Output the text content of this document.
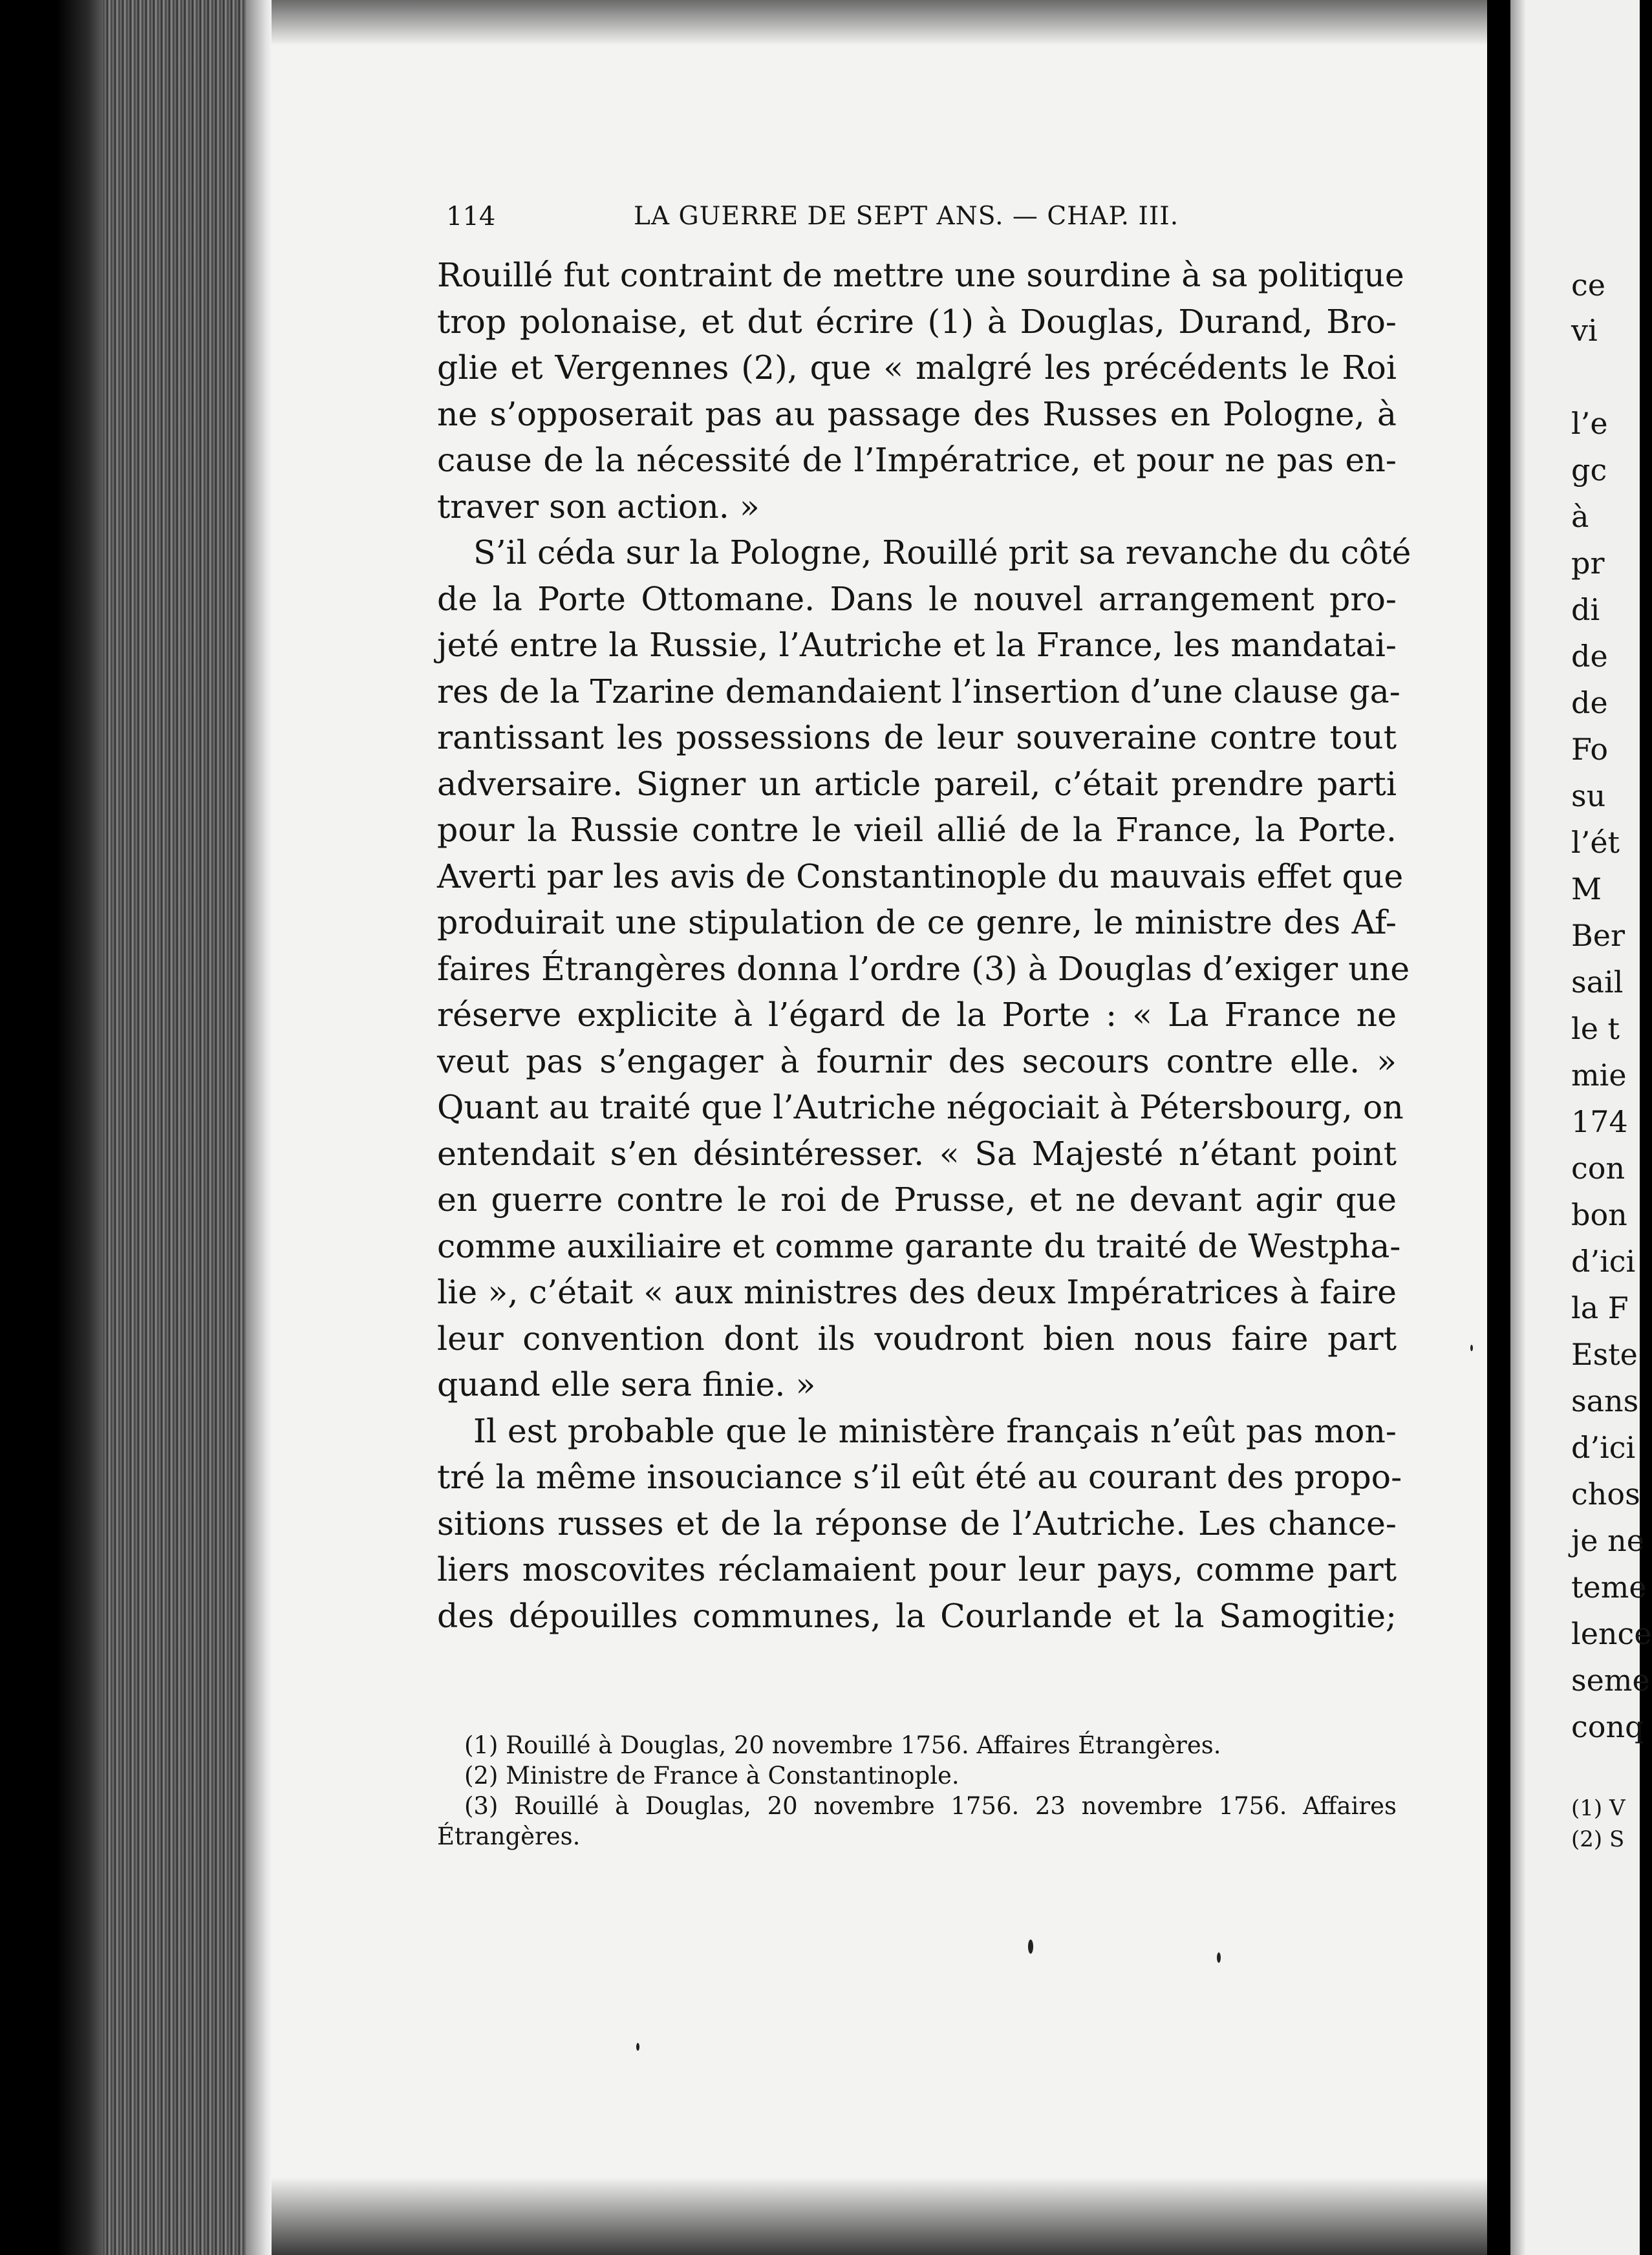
114	LA GUERRE DE SEPT ANS. — CHAP. III.
Rouillé fut contraint de mettre une sourdine à sa politique
trop polonaise, et dut écrire (1) à Douglas, Durand, Bro-
glie et Vergennes (2), que « malgré les précédents le Roi
ne s’opposerait pas au passage des Russes en Pologne, à
cause de la nécessité de l’Impératrice, et pour ne pas en-
traver son action. »
S’il céda sur la Pologne, Rouillé prit sa revanche du côté
de la Porte Ottomane. Dans le nouvel arrangement pro-
jeté entre la Russie, l’Autriche et la France, les mandatai-
res de la Tzarine demandaient l’insertion d’une clause ga-
rantissant les possessions de leur souveraine contre tout
adversaire. Signer un article pareil, c’était prendre parti
pour la Russie contre le vieil allié de la France, la Porte.
Averti par les avis de Constantinople du mauvais effet que
produirait une stipulation de ce genre, le ministre des Af-
faires Étrangères donna l’ordre (3) à Douglas d’exiger une
réserve explicite à l’égard de la Porte : « La France ne
veut pas s’engager à fournir des secours contre elle. »
Quant au traité que l’Autriche négociait à Pétersbourg, on
entendait s’en désintéresser. « Sa Majesté n’étant point
en guerre contre le roi de Prusse, et ne devant agir que
comme auxiliaire et comme garante du traité de Westpha-
lie », c’était « aux ministres des deux Impératrices à faire
leur convention dont ils voudront bien nous faire part
quand elle sera finie. »
Il est probable que le ministère français n’eût pas mon-
tré la même insouciance s’il eût été au courant des propo-
sitions russes et de la réponse de l’Autriche. Les chance-
liers moscovites réclamaient pour leur pays, comme part
des dépouilles communes, la Courlande et la Samogitie;
(1) Rouillé à Douglas, 20 novembre 1756. Affaires Étrangères.
(2) Ministre de France à Constantinople.
(3) Rouillé à Douglas, 20 novembre 1756. 23 novembre 1756. Affaires
Étrangères.
ce
vi
l’e
gc
à
pr
di
de
de
Fo
su
l’ét
M
Ber
sail
le t
mie
174
con
bon
d’ici
la F
Este
sans
d’ici
chos
je ne
teme
lence
seme
conq
(1) V
(2) S
